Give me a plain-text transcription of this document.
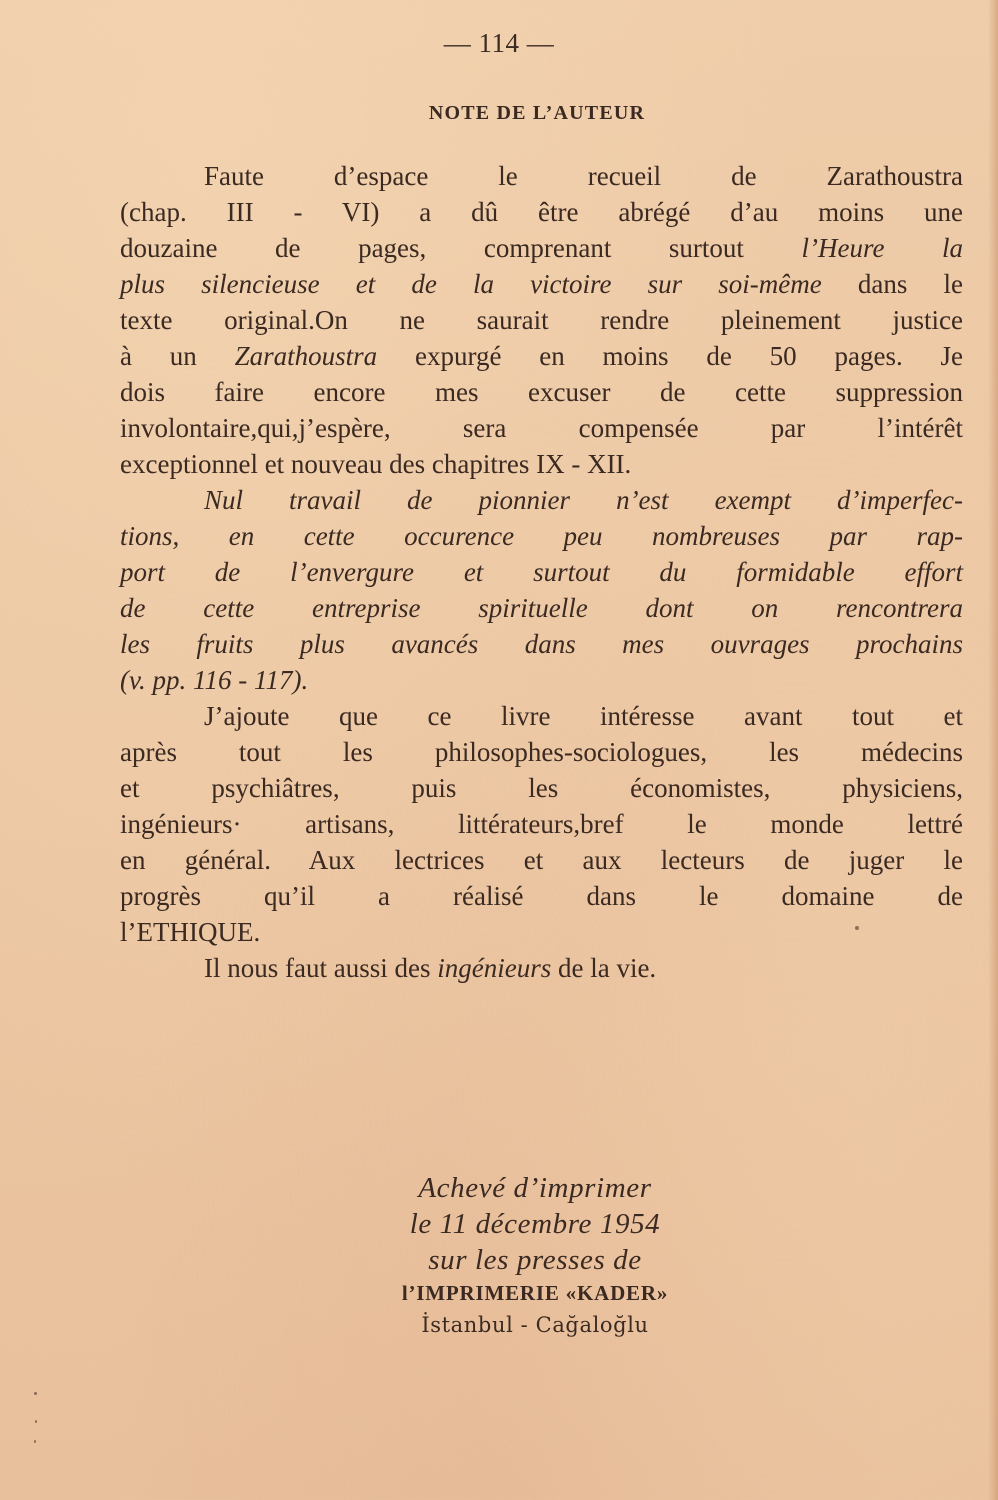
— 114 —
NOTE DE L’AUTEUR
Faute d’espace le recueil de Zarathoustra
(chap. III - VI) a dû être abrégé d’au moins une
douzaine de pages, comprenant surtout l’Heure la
plus silencieuse et de la victoire sur soi-même dans le
texte original.On ne saurait rendre pleinement justice
à un Zarathoustra expurgé en moins de 50 pages. Je
dois faire encore mes excuser de cette suppression
involontaire,qui,j’espère, sera compensée par l’intérêt
exceptionnel et nouveau des chapitres IX - XII.
Nul travail de pionnier n’est exempt d’imperfec-
tions, en cette occurence peu nombreuses par rap-
port de l’envergure et surtout du formidable effort
de cette entreprise spirituelle dont on rencontrera
les fruits plus avancés dans mes ouvrages prochains
(v. pp. 116 - 117).
J’ajoute que ce livre intéresse avant tout et
après tout les philosophes-sociologues, les médecins
et psychiâtres, puis les économistes, physiciens,
ingénieurs· artisans, littérateurs,bref le monde lettré
en général. Aux lectrices et aux lecteurs de juger le
progrès qu’il a réalisé dans le domaine de
l’ETHIQUE.
Il nous faut aussi des ingénieurs de la vie.
Achevé d’imprimer
le 11 décembre 1954
sur les presses de
l’IMPRIMERIE «KADER»
İstanbul - Cağaloğlu
